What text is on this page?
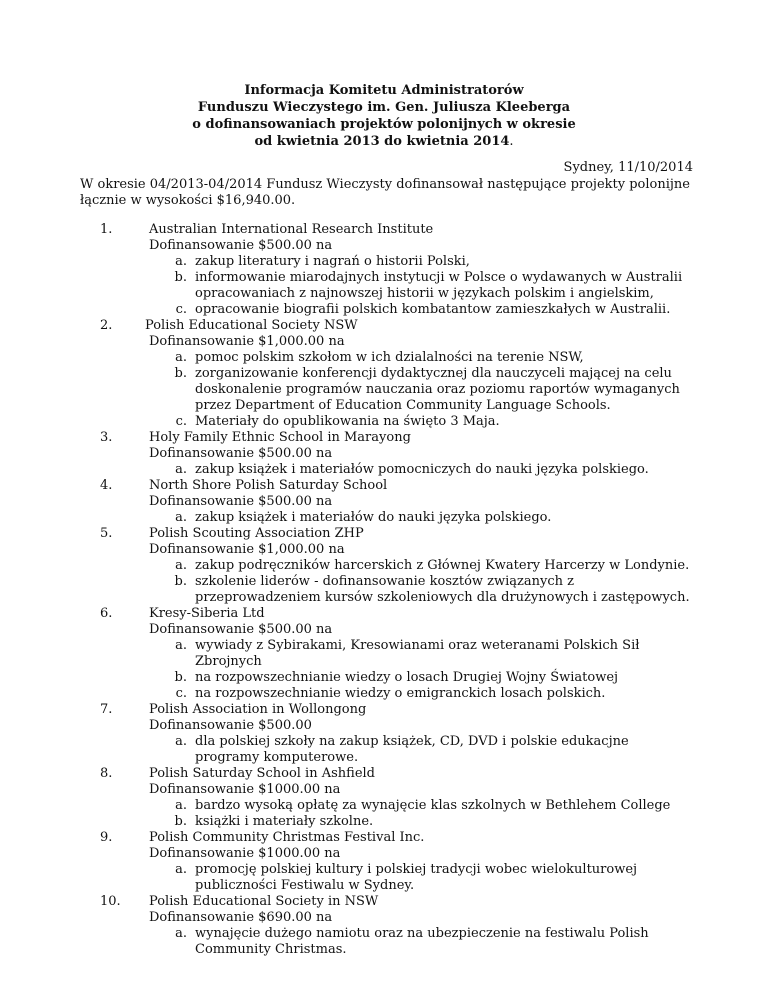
Informacja Komitetu Administratorów
Funduszu Wieczystego im. Gen. Juliusza Kleeberga
o dofinansowaniach projektów polonijnych w okresie
od kwietnia 2013 do kwietnia 2014.
Sydney, 11/10/2014
W okresie 04/2013-04/2014 Fundusz Wieczysty dofinansował następujące projekty polonijne łącznie w wysokości $16,940.00.
1.	Australian International Research Institute
Dofinansowanie $500.00 na
a. zakup literatury i nagrań o historii Polski,
b. informowanie miarodajnych instytucji w Polsce o wydawanych w Australii opracowaniach z najnowszej historii w językach polskim i angielskim,
c. opracowanie biografii polskich kombatantow zamieszkałych w Australii.
2.	Polish Educational Society NSW
Dofinansowanie $1,000.00 na
a. pomoc polskim szkołom w ich dzialalności na terenie NSW,
b. zorganizowanie konferencji dydaktycznej dla nauczyceli mającej na celu doskonalenie programów nauczania oraz poziomu raportów wymaganych przez Department of Education Community Language Schools.
c. Materiały do opublikowania na święto 3 Maja.
3.	Holy Family Ethnic School in Marayong
Dofinansowanie $500.00 na
a. zakup książek i materiałów pomocniczych do nauki języka polskiego.
4.	North Shore Polish Saturday School
Dofinansowanie $500.00 na
a. zakup książek i materiałów do nauki języka polskiego.
5.	Polish Scouting Association ZHP
Dofinansowanie $1,000.00 na
a. zakup podręczników harcerskich z Głównej Kwatery Harcerzy w Londynie.
b. szkolenie liderów - dofinansowanie kosztów związanych z przeprowadzeniem kursów szkoleniowych dla drużynowych i zastępowych.
6.	Kresy-Siberia Ltd
Dofinansowanie $500.00 na
a. wywiady z Sybirakami, Kresowianami oraz weteranami Polskich Sił Zbrojnych
b. na rozpowszechnianie wiedzy o losach Drugiej Wojny Światowej
c. na rozpowszechnianie wiedzy o emigranckich losach polskich.
7.	Polish Association in Wollongong
Dofinansowanie $500.00
a. dla polskiej szkoły na zakup książek, CD, DVD i polskie edukacjne programy komputerowe.
8.	Polish Saturday School in Ashfield
Dofinansowanie $1000.00 na
a. bardzo wysoką opłatę za wynajęcie klas szkolnych w Bethlehem College
b. książki i materiały szkolne.
9.	Polish Community Christmas Festival Inc.
Dofinansowanie $1000.00 na
a. promocję polskiej kultury i polskiej tradycji wobec wielokulturowej publiczności Festiwalu w Sydney.
10.	Polish Educational Society in NSW
Dofinansowanie $690.00 na
a. wynajęcie dużego namiotu oraz na ubezpieczenie na festiwalu Polish Community Christmas.
